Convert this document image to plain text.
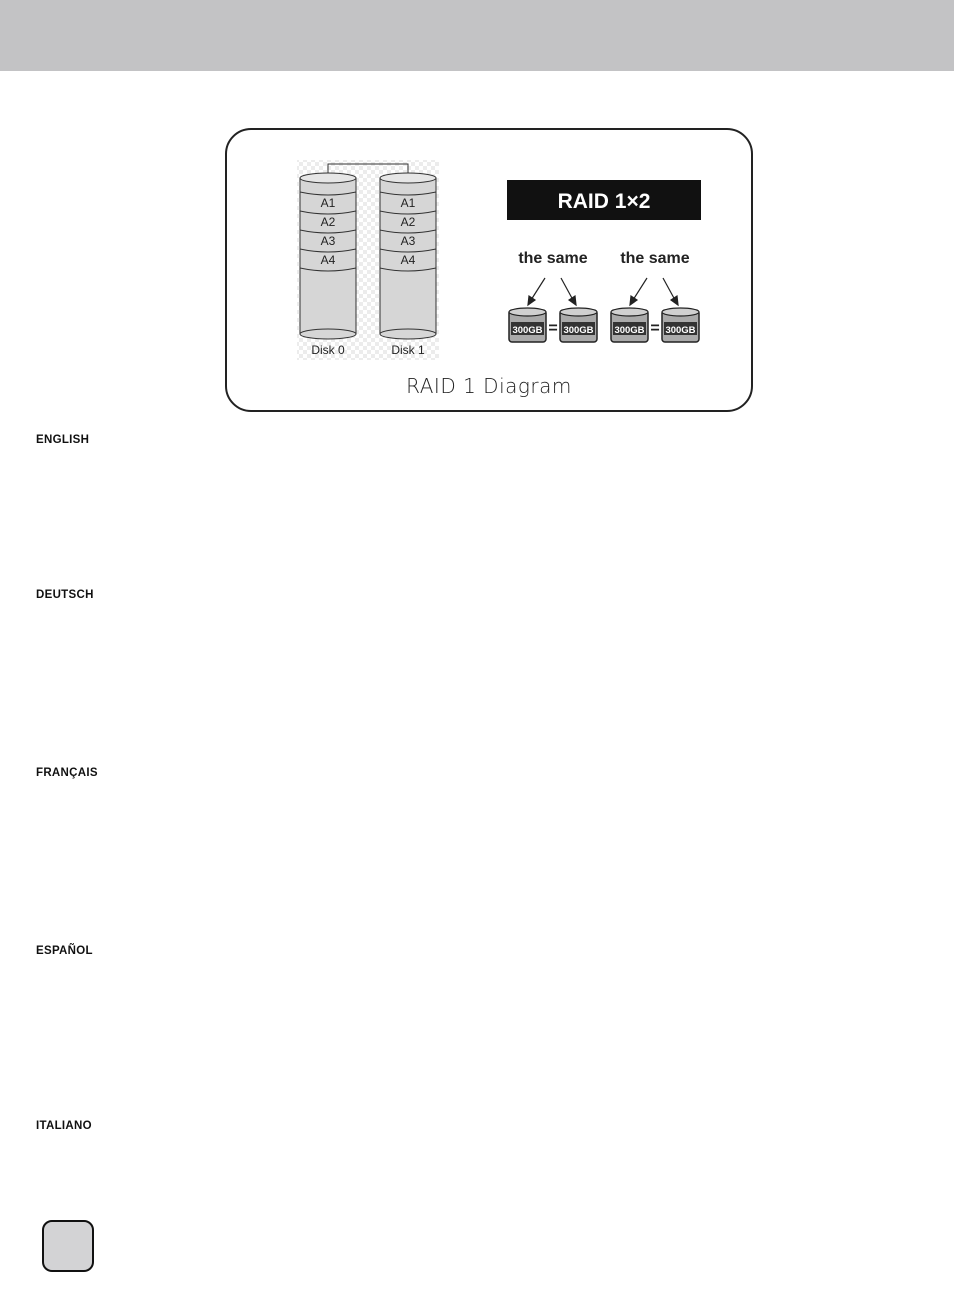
A1
A2
A3
A4
Disk 0
A1
A2
A3
A4
Disk 1
RAID 1×2
the same the same
300GB = 300GB 300GB = 300GB
RAID 1 Diagram
ENGLISH
DEUTSCH
FRANÇAIS
ESPAÑOL
ITALIANO
